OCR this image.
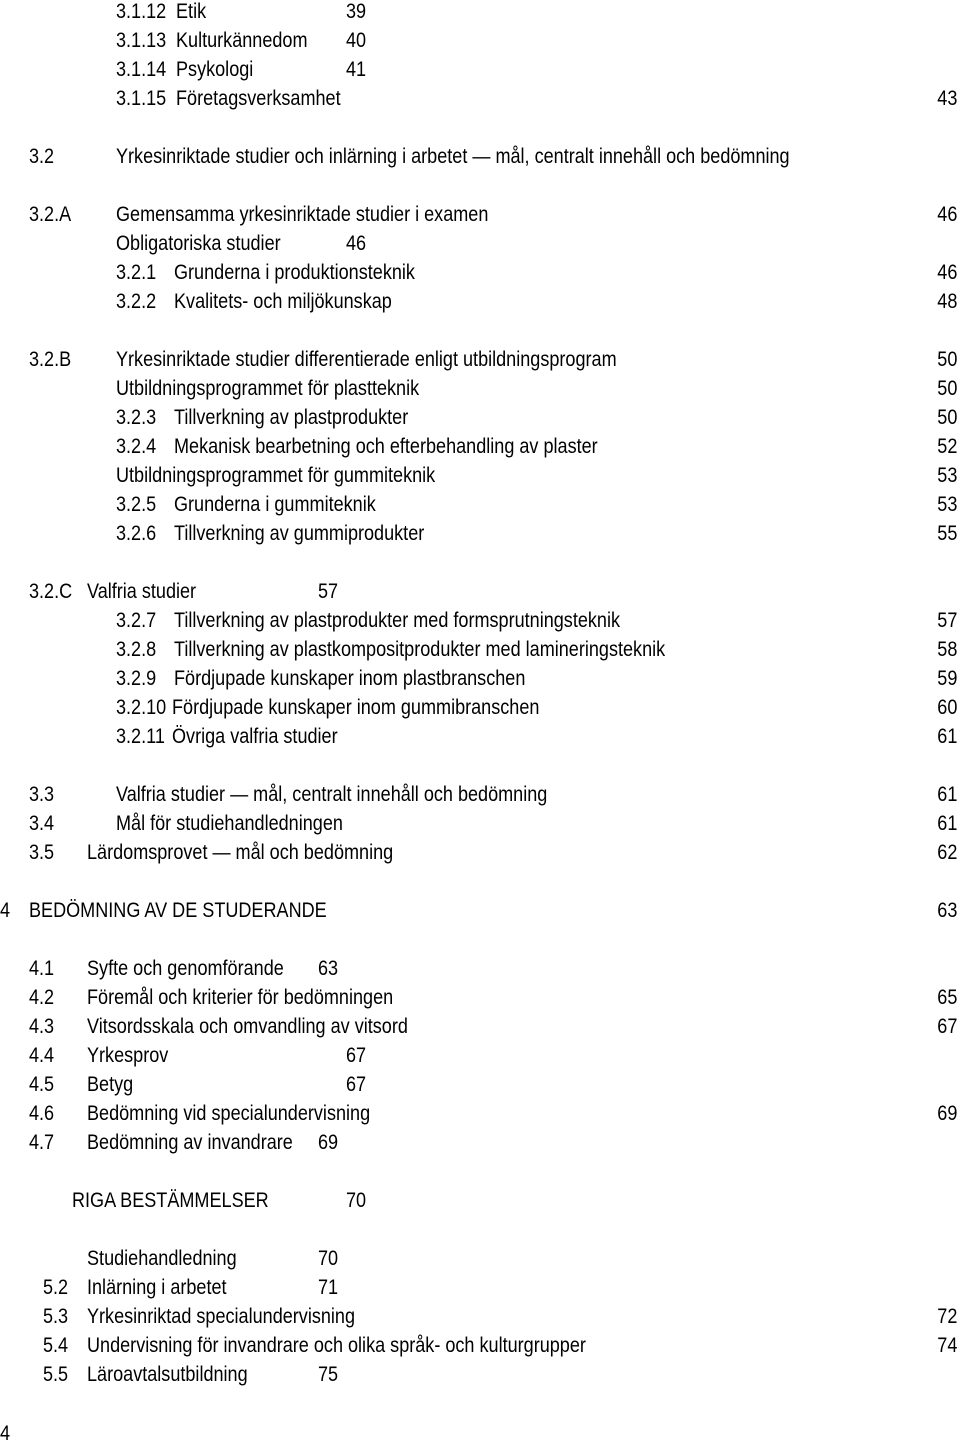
3.1.12 Etik	39
3.1.13 Kulturkännedom 40
3.1.14 Psykologi	41
3.1.15 Företagsverksamhet	43
3.2	Yrkesinriktade studier och inlärning i arbetet — mål, centralt innehåll och bedömning
3.2.A Gemensamma yrkesinriktade studier i examen	46
Obligatoriska studier	46
3.2.1 Grunderna i produktionsteknik	46
3.2.2 Kvalitets- och miljökunskap	48
3.2.B Yrkesinriktade studier differentierade enligt utbildningsprogram	50
Utbildningsprogrammet för plastteknik	50
3.2.3 Tillverkning av plastprodukter	50
3.2.4 Mekanisk bearbetning och efterbehandling av plaster	52
Utbildningsprogrammet för gummiteknik	53
3.2.5 Grunderna i gummiteknik	53
3.2.6 Tillverkning av gummiprodukter	55
3.2.C Valfria studier	57
3.2.7 Tillverkning av plastprodukter med formsprutningsteknik	57
3.2.8 Tillverkning av plastkompositprodukter med lamineringsteknik	58
3.2.9 Fördjupade kunskaper inom plastbranschen	59
3.2.10 Fördjupade kunskaper inom gummibranschen	60
3.2.11 Övriga valfria studier	61
3.3	Valfria studier — mål, centralt innehåll och bedömning	61
3.4	Mål för studiehandledningen	61
3.5 Lärdomsprovet — mål och bedömning	62
4 BEDÖMNING AV DE STUDERANDE	63
4.1 Syfte och genomförande 63
4.2 Föremål och kriterier för bedömningen	65
4.3 Vitsordsskala och omvandling av vitsord	67
4.4 Yrkesprov	67
4.5 Betyg	67
4.6 Bedömning vid specialundervisning	69
4.7 Bedömning av invandrare 69
RIGA BESTÄMMELSER	70
Studiehandledning	70
5.2 Inlärning i arbetet	71
5.3 Yrkesinriktad specialundervisning	72
5.4 Undervisning för invandrare och olika språk- och kulturgrupper	74
5.5 Läroavtalsutbildning	75
4
